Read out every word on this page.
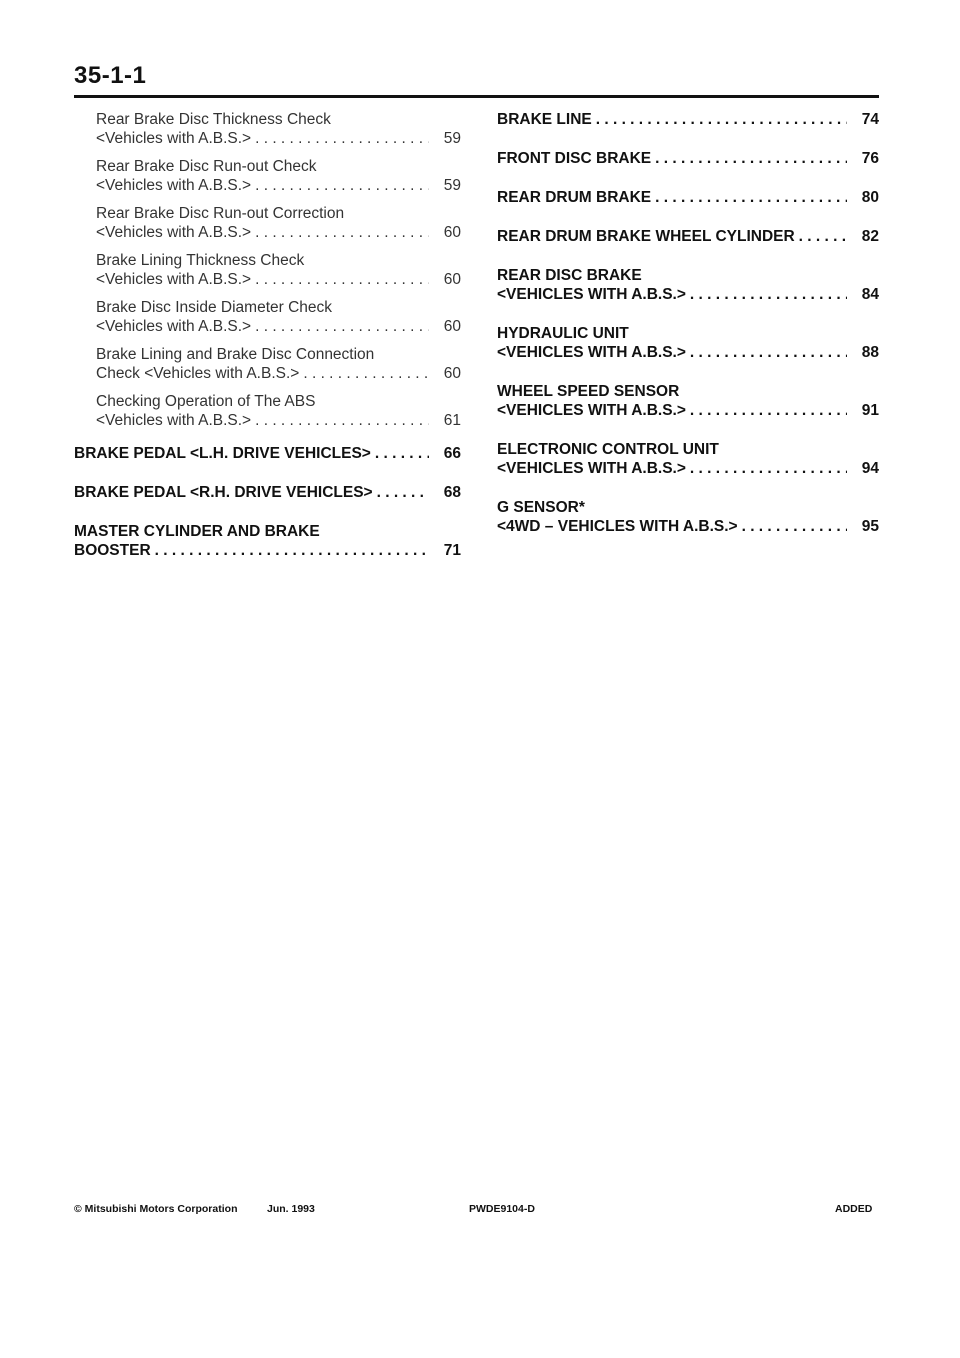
35-1-1
Rear Brake Disc Thickness Check
<Vehicles with A.B.S.> . . .	59
Rear Brake Disc Run-out Check
<Vehicles with A.B.S.> . . .	59
Rear Brake Disc Run-out Correction
<Vehicles with A.B.S.> . . .	60
Brake Lining Thickness Check
<Vehicles with A.B.S.> . . .	60
Brake Disc Inside Diameter Check
<Vehicles with A.B.S.> . . .	60
Brake Lining and Brake Disc Connection
Check <Vehicles with A.B.S.> . . .	60
Checking Operation of The ABS
<Vehicles with A.B.S.> . . .	61
BRAKE PEDAL <L.H. DRIVE VEHICLES> . . .	66
BRAKE PEDAL <R.H. DRIVE VEHICLES> . . .	68
MASTER CYLINDER AND BRAKE
BOOSTER . . .	71
BRAKE LINE . . .	74
FRONT DISC BRAKE . . .	76
REAR DRUM BRAKE . . .	80
REAR DRUM BRAKE WHEEL CYLINDER . . .	82
REAR DISC BRAKE
<VEHICLES WITH A.B.S.> . . .	84
HYDRAULIC UNIT
<VEHICLES WITH A.B.S.> . . .	88
WHEEL SPEED SENSOR
<VEHICLES WITH A.B.S.> . . .	91
ELECTRONIC CONTROL UNIT
<VEHICLES WITH A.B.S.> . . .	94
G SENSOR*
<4WD – VEHICLES WITH A.B.S.> . . .	95
© Mitsubishi Motors Corporation	Jun. 1993	PWDE9104-D	ADDED
